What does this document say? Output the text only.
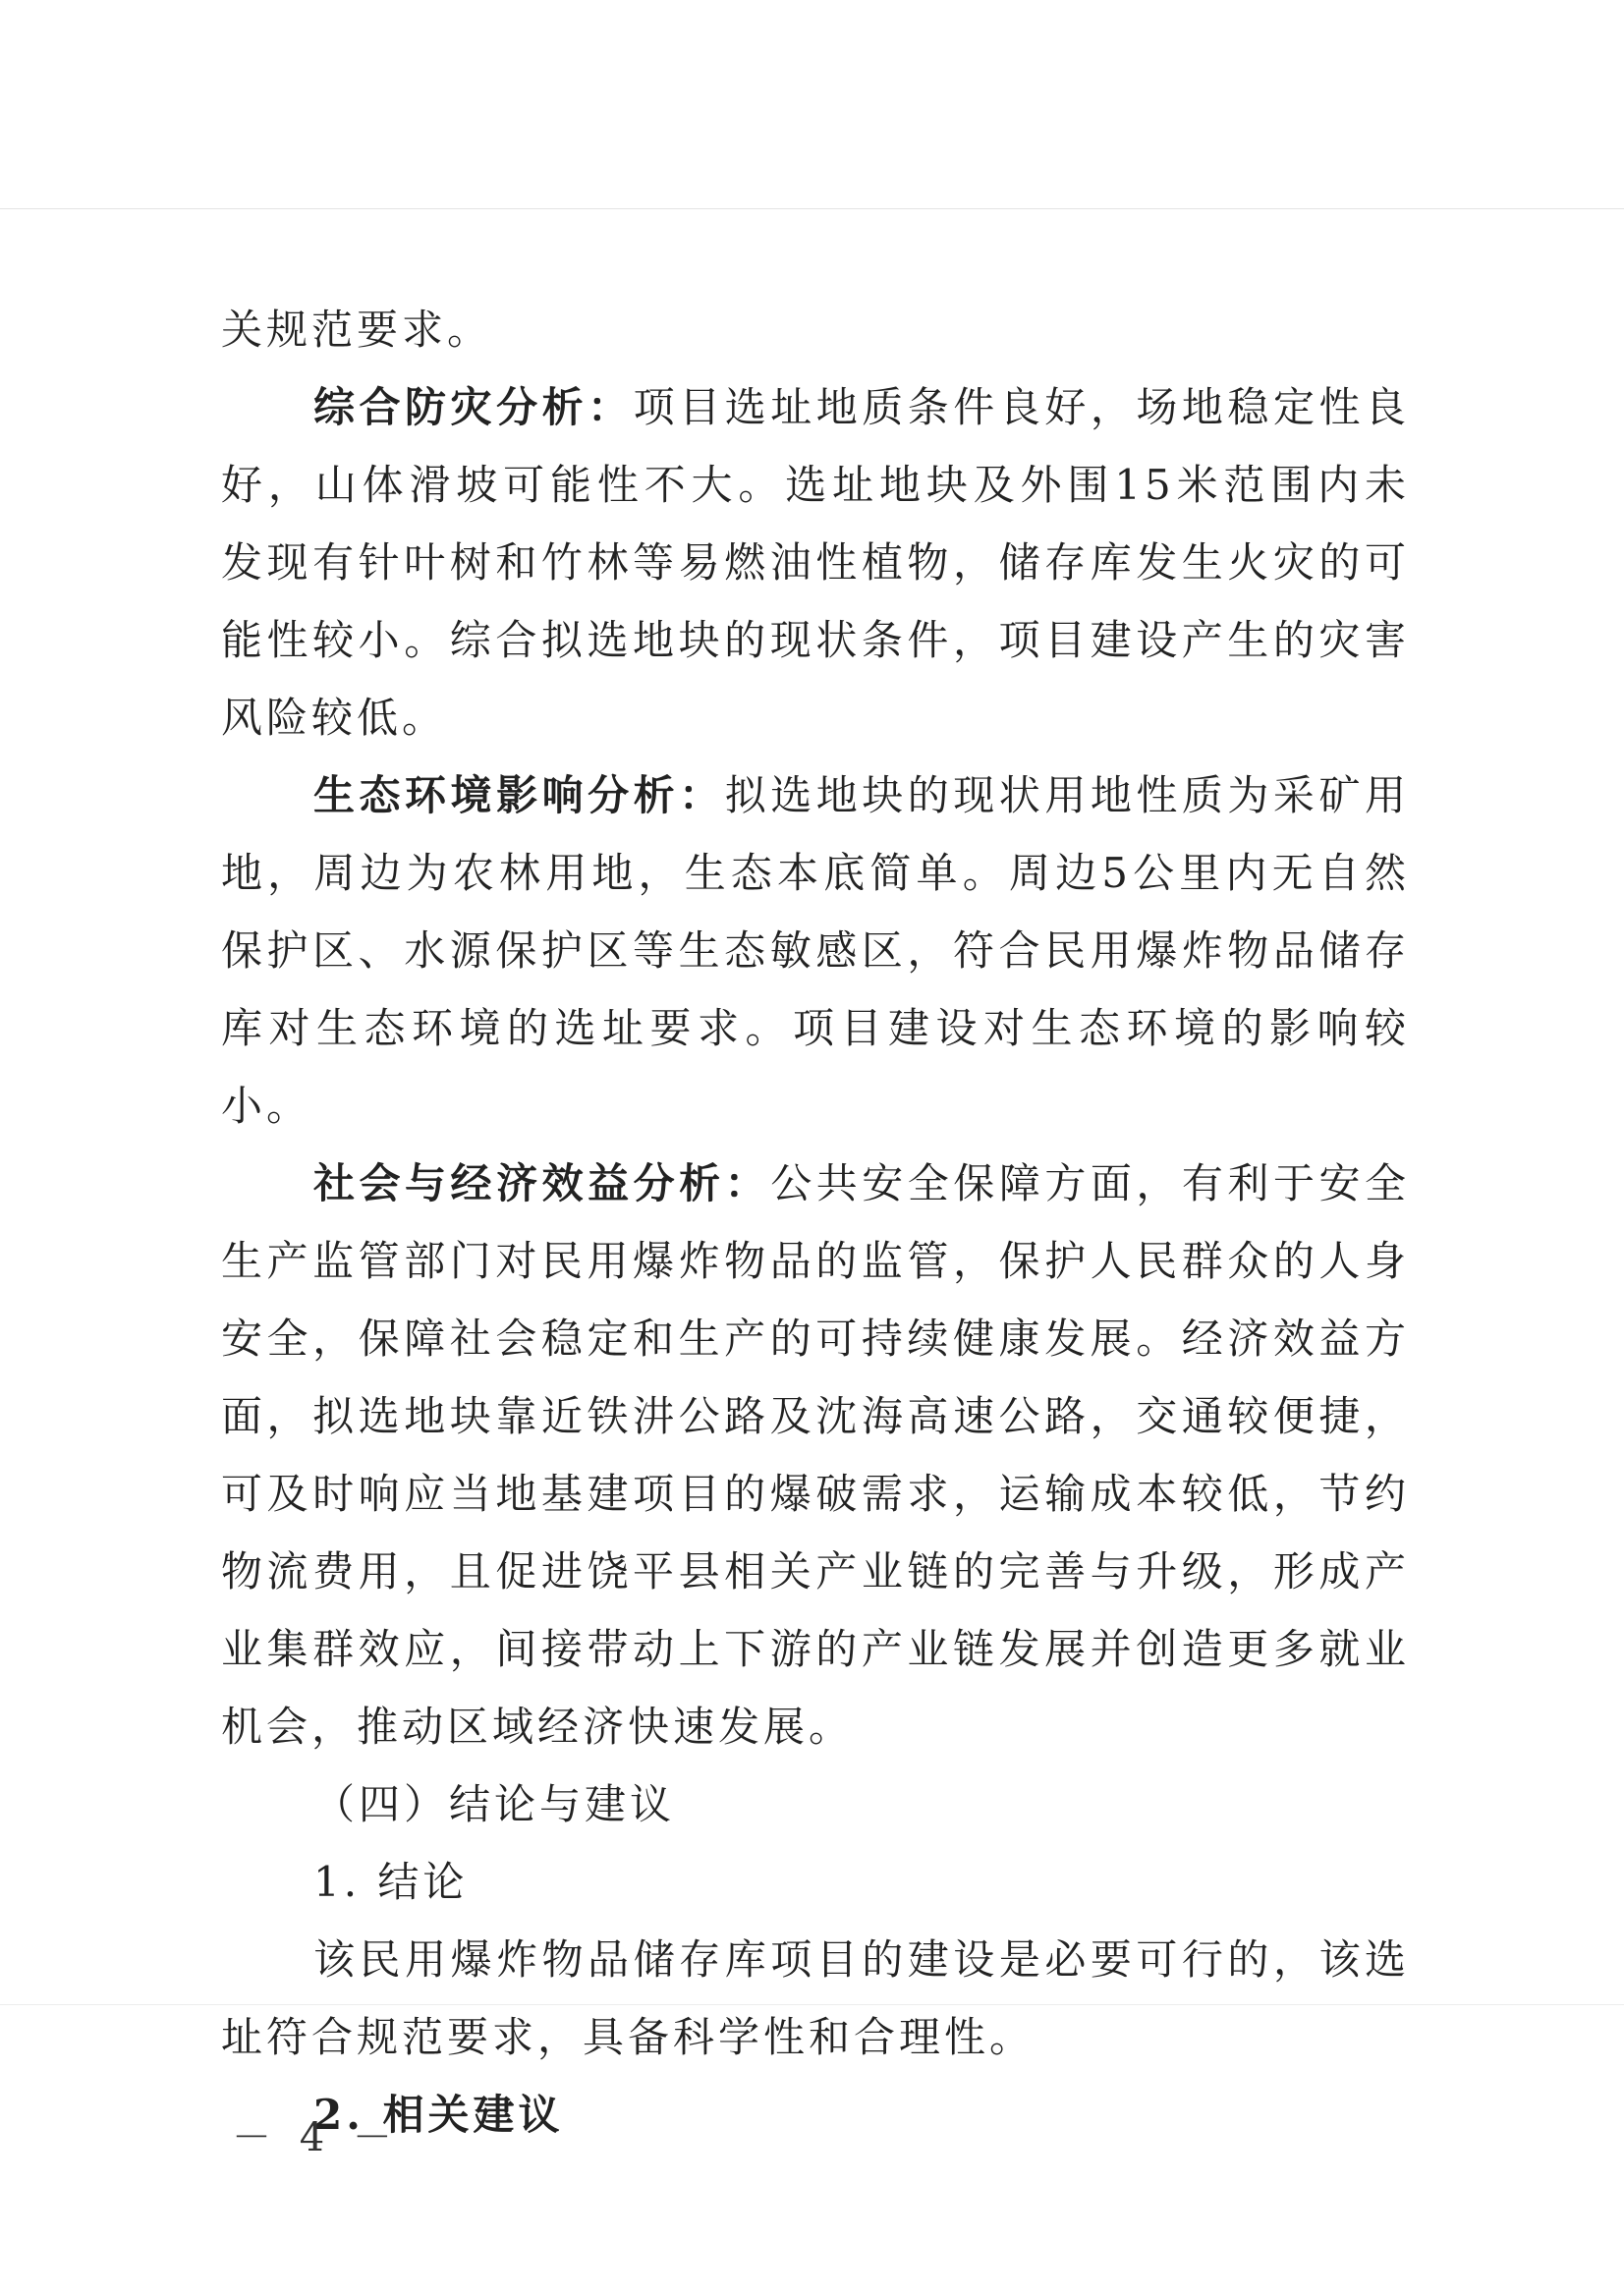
关规范要求。

综合防灾分析：项目选址地质条件良好，场地稳定性良好，山体滑坡可能性不大。选址地块及外围15米范围内未发现有针叶树和竹林等易燃油性植物，储存库发生火灾的可能性较小。综合拟选地块的现状条件，项目建设产生的灾害风险较低。

生态环境影响分析：拟选地块的现状用地性质为采矿用地，周边为农林用地，生态本底简单。周边5公里内无自然保护区、水源保护区等生态敏感区，符合民用爆炸物品储存库对生态环境的选址要求。项目建设对生态环境的影响较小。

社会与经济效益分析：公共安全保障方面，有利于安全生产监管部门对民用爆炸物品的监管，保护人民群众的人身安全，保障社会稳定和生产的可持续健康发展。经济效益方面，拟选地块靠近铁汫公路及沈海高速公路，交通较便捷，可及时响应当地基建项目的爆破需求，运输成本较低，节约物流费用，且促进饶平县相关产业链的完善与升级，形成产业集群效应，间接带动上下游的产业链发展并创造更多就业机会，推动区域经济快速发展。

（四）结论与建议

1. 结论

该民用爆炸物品储存库项目的建设是必要可行的，该选址符合规范要求，具备科学性和合理性。

2. 相关建议

－ 4 －
